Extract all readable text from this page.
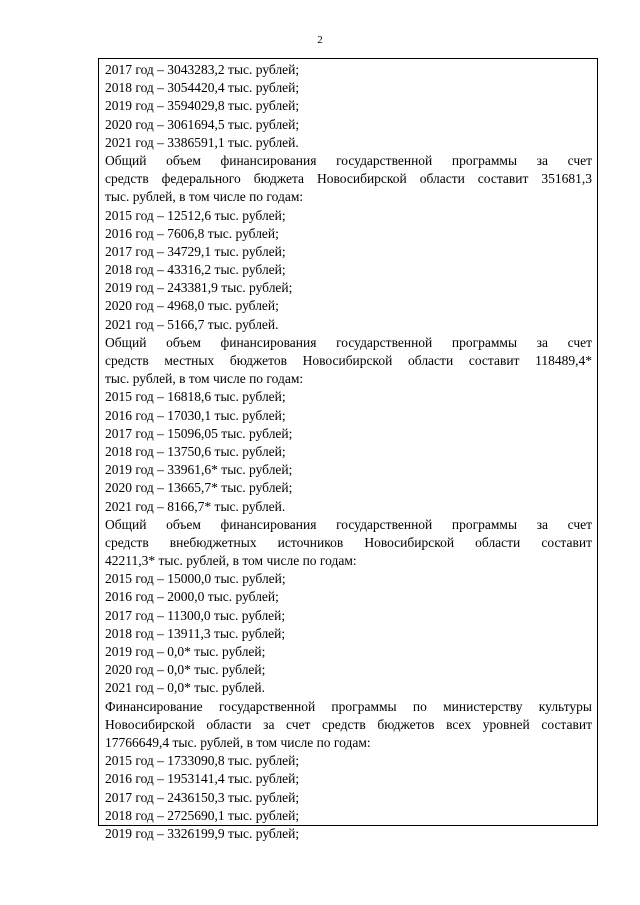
2
2017 год – 3043283,2 тыс. рублей;
2018 год – 3054420,4 тыс. рублей;
2019 год – 3594029,8 тыс. рублей;
2020 год – 3061694,5 тыс. рублей;
2021 год – 3386591,1 тыс. рублей.
Общий объем финансирования государственной программы за счет
средств федерального бюджета Новосибирской области составит 351681,3
тыс. рублей, в том числе по годам:
2015 год – 12512,6 тыс. рублей;
2016 год – 7606,8 тыс. рублей;
2017 год – 34729,1 тыс. рублей;
2018 год – 43316,2 тыс. рублей;
2019 год – 243381,9 тыс. рублей;
2020 год – 4968,0 тыс. рублей;
2021 год – 5166,7 тыс. рублей.
Общий объем финансирования государственной программы за счет
средств местных бюджетов Новосибирской области составит 118489,4*
тыс. рублей, в том числе по годам:
2015 год – 16818,6 тыс. рублей;
2016 год – 17030,1 тыс. рублей;
2017 год – 15096,05 тыс. рублей;
2018 год – 13750,6 тыс. рублей;
2019 год – 33961,6* тыс. рублей;
2020 год – 13665,7* тыс. рублей;
2021 год – 8166,7* тыс. рублей.
Общий объем финансирования государственной программы за счет
средств внебюджетных источников Новосибирской области составит
42211,3* тыс. рублей, в том числе по годам:
2015 год – 15000,0 тыс. рублей;
2016 год – 2000,0 тыс. рублей;
2017 год – 11300,0 тыс. рублей;
2018 год – 13911,3 тыс. рублей;
2019 год – 0,0* тыс. рублей;
2020 год – 0,0* тыс. рублей;
2021 год – 0,0* тыс. рублей.
Финансирование государственной программы по министерству культуры
Новосибирской области за счет средств бюджетов всех уровней составит
17766649,4 тыс. рублей, в том числе по годам:
2015 год – 1733090,8 тыс. рублей;
2016 год – 1953141,4 тыс. рублей;
2017 год – 2436150,3 тыс. рублей;
2018 год – 2725690,1 тыс. рублей;
2019 год – 3326199,9 тыс. рублей;
